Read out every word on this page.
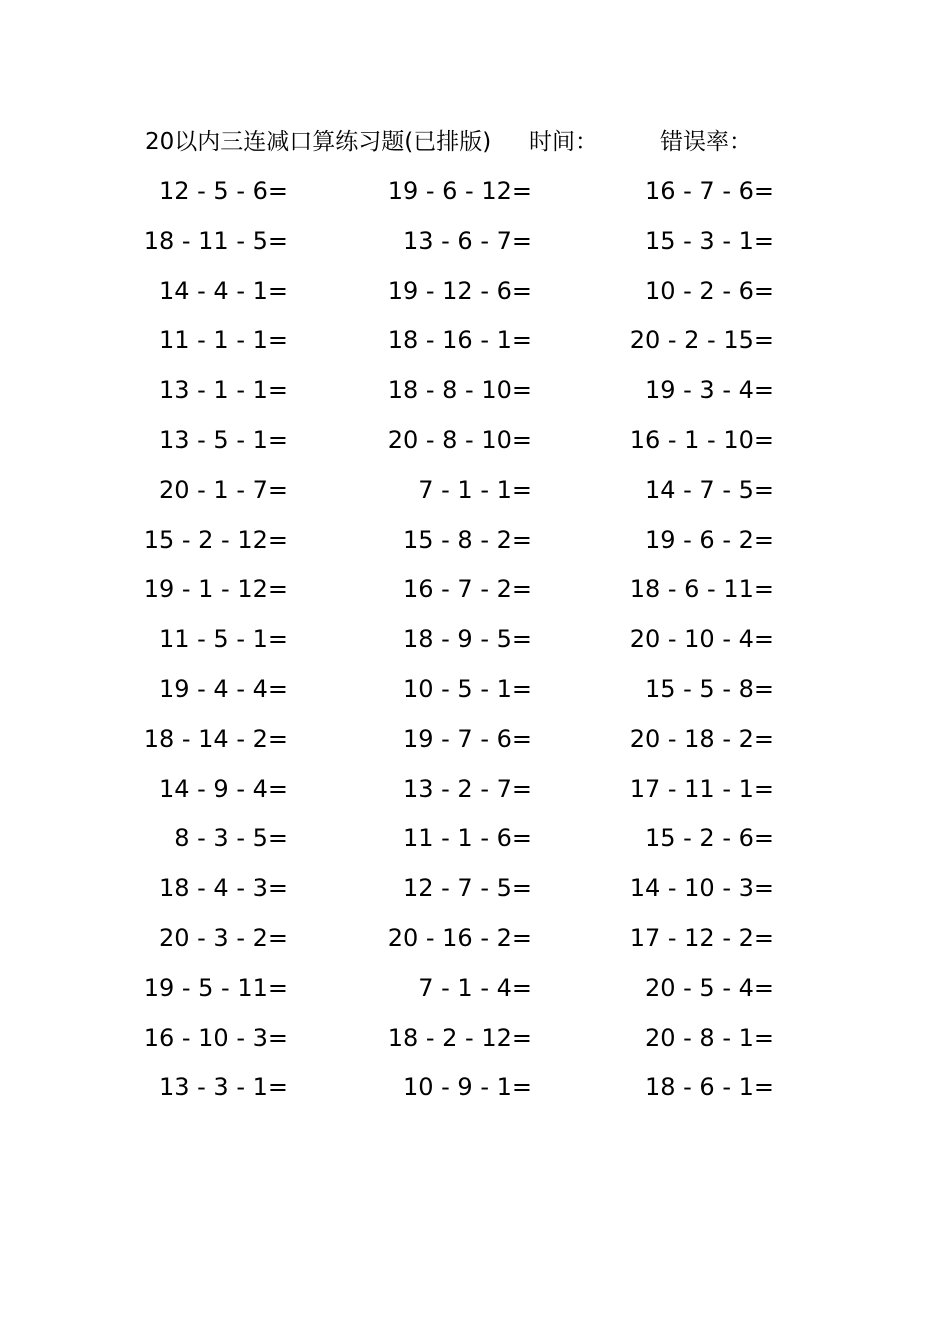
20以内三连减口算练习题(已排版) 时间：	错误率：
12 - 5 - 6=	19 - 6 - 12=	16 - 7 - 6=
18 - 11 - 5=	13 - 6 - 7=	15 - 3 - 1=
14 - 4 - 1=	19 - 12 - 6=	10 - 2 - 6=
11 - 1 - 1=	18 - 16 - 1=	20 - 2 - 15=
13 - 1 - 1=	18 - 8 - 10=	19 - 3 - 4=
13 - 5 - 1=	20 - 8 - 10=	16 - 1 - 10=
20 - 1 - 7=	7 - 1 - 1=	14 - 7 - 5=
15 - 2 - 12=	15 - 8 - 2=	19 - 6 - 2=
19 - 1 - 12=	16 - 7 - 2=	18 - 6 - 11=
11 - 5 - 1=	18 - 9 - 5=	20 - 10 - 4=
19 - 4 - 4=	10 - 5 - 1=	15 - 5 - 8=
18 - 14 - 2=	19 - 7 - 6=	20 - 18 - 2=
14 - 9 - 4=	13 - 2 - 7=	17 - 11 - 1=
8 - 3 - 5=	11 - 1 - 6=	15 - 2 - 6=
18 - 4 - 3=	12 - 7 - 5=	14 - 10 - 3=
20 - 3 - 2=	20 - 16 - 2=	17 - 12 - 2=
19 - 5 - 11=	7 - 1 - 4=	20 - 5 - 4=
16 - 10 - 3=	18 - 2 - 12=	20 - 8 - 1=
13 - 3 - 1=	10 - 9 - 1=	18 - 6 - 1=
